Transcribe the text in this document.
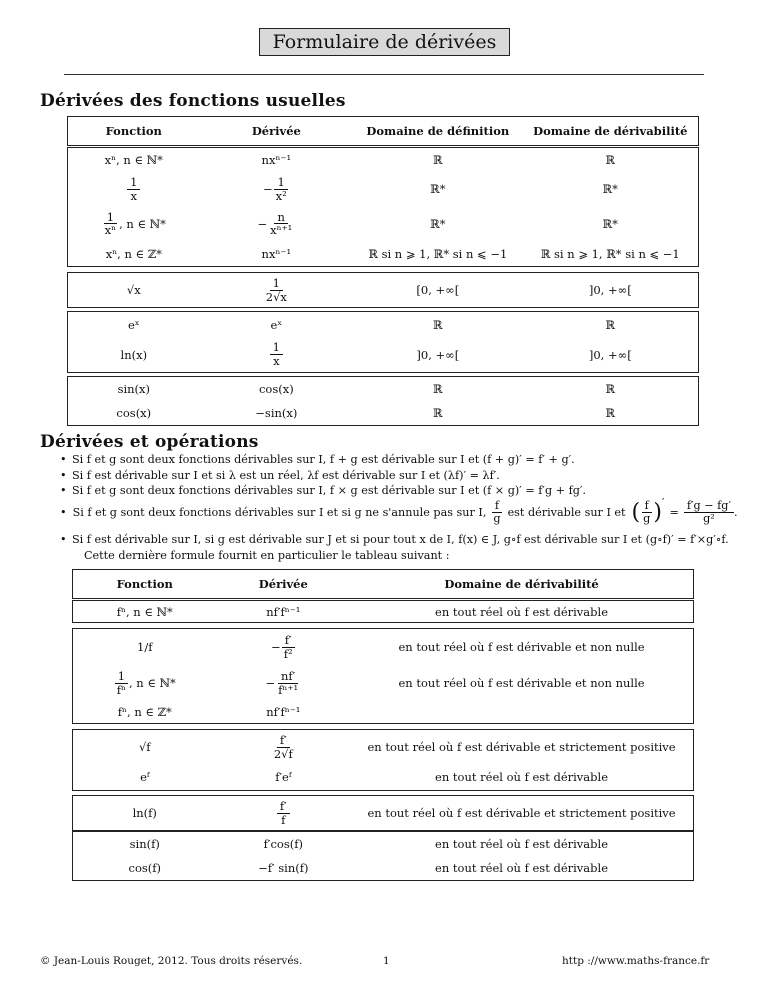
Formulaire de dérivées
Dérivées des fonctions usuelles
Fonction	Dérivée	Domaine de définition	Domaine de dérivabilité
xⁿ, n ∈ ℕ*	nxⁿ⁻¹	ℝ	ℝ
$\frac{1}{x}$	− $\frac{1}{\text{x²}}$	ℝ*	ℝ*
$\frac{1}{\text{xⁿ}}$ , n ∈ ℕ*	− $\frac{n}{\text{xⁿ⁺¹}}$	ℝ*	ℝ*
xⁿ, n ∈ ℤ*	nxⁿ⁻¹	ℝ si n ⩾ 1, ℝ* si n ⩽ −1	ℝ si n ⩾ 1, ℝ* si n ⩽ −1
√x	$\frac{1}{2√x}$	[0, +∞[	]0, +∞[
eˣ	eˣ	ℝ	ℝ
ln(x)	$\frac{1}{x}$	]0, +∞[	]0, +∞[
sin(x)	cos(x)	ℝ	ℝ
cos(x)	−sin(x)	ℝ	ℝ
Dérivées et opérations
• Si f et g sont deux fonctions dérivables sur I, f + g est dérivable sur I et (f + g)′ = f′ + g′.
• Si f est dérivable sur I et si λ est un réel, λf est dérivable sur I et (λf)′ = λf′.
• Si f et g sont deux fonctions dérivables sur I, f × g est dérivable sur I et (f × g)′ = f′g + fg′.
• Si f et g sont deux fonctions dérivables sur I et si g ne s'annule pas sur I, $\frac{f}{g}$ est dérivable sur I et ( $\frac{f}{g}$ ) ′
= $\frac{f'g - fg'}{\text{g²}}$ .
• Si f est dérivable sur I, si g est dérivable sur J et si pour tout x de I, f(x) ∈ J, g∘f est dérivable sur I et (g∘f)′ = f′×g′∘f.
Cette dernière formule fournit en particulier le tableau suivant :
Fonction	Dérivée	Domaine de dérivabilité
fⁿ, n ∈ ℕ*	nf′fⁿ⁻¹	en tout réel où f est dérivable
1/f	− $\frac{f'}{\text{f²}}$	en tout réel où f est dérivable et non nulle
$\frac{1}{\text{fⁿ}}$ , n ∈ ℕ*	− $\frac{nf'}{\text{fⁿ⁺¹}}$	en tout réel où f est dérivable et non nulle
fⁿ, n ∈ ℤ*	nf′fⁿ⁻¹
√f	$\frac{f'}{2√f}$	en tout réel où f est dérivable et strictement positive
eᶠ	f′eᶠ	en tout réel où f est dérivable
ln(f)	$\frac{f'}{f}$	en tout réel où f est dérivable et strictement positive
sin(f)	f′cos(f)	en tout réel où f est dérivable
cos(f)	−f′ sin(f)	en tout réel où f est dérivable
© Jean-Louis Rouget, 2012. Tous droits réservés.	1	http ://www.maths-france.fr
